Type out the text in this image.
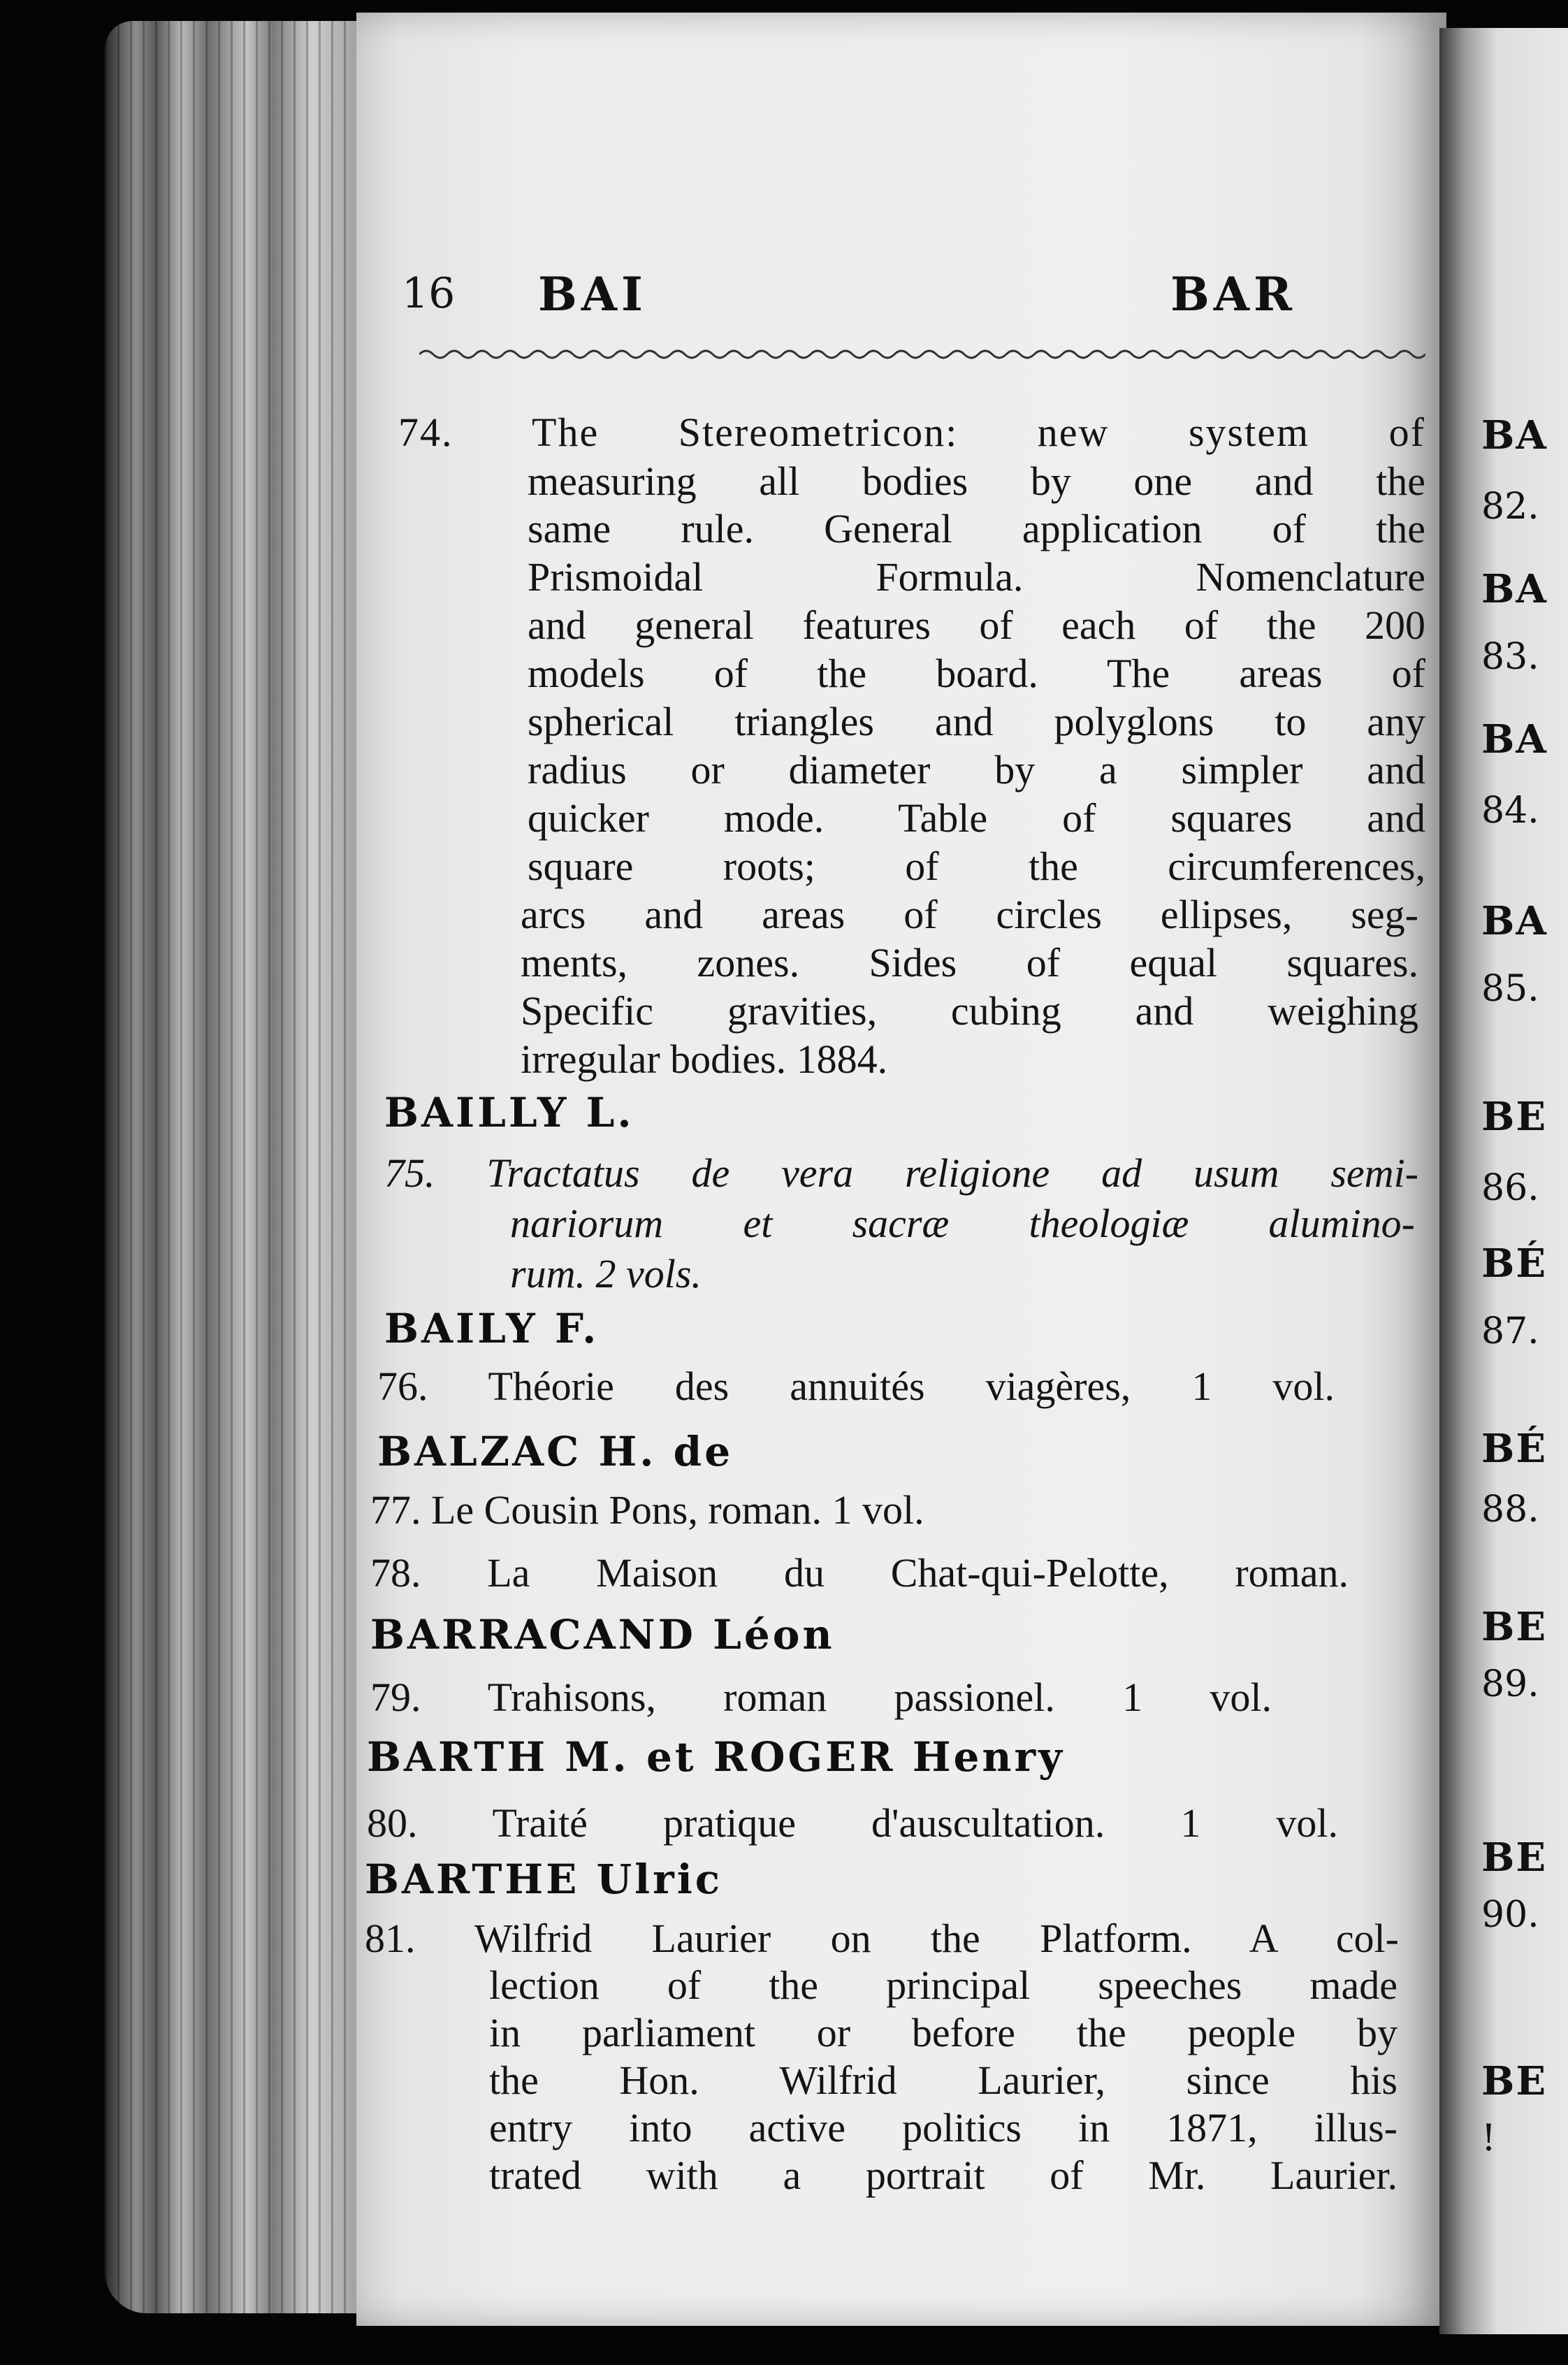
BA
82.
BA
83.
BA
84.
BA
85.
BE
86.
BÉ
87.
BÉ
88.
BE
89.
BE
90.
BE
!
16 BAI	BAR
74. The Stereometricon: new system of
measuring all bodies by one and the
same rule. General application of the
Prismoidal Formula. Nomenclature
and general features of each of the 200
models of the board. The areas of
spherical triangles and polyglons to any
radius or diameter by a simpler and
quicker mode. Table of squares and
square roots; of the circumferences,
arcs and areas of circles ellipses, seg-
ments, zones. Sides of equal squares.
Specific gravities, cubing and weighing
irregular bodies. 1884.
BAILLY L.
75. Tractatus de vera religione ad usum semi-
nariorum et sacræ theologiæ alumino-
rum. 2 vols.
BAILY F.
76. Théorie des annuités viagères, 1 vol.
BALZAC H. de
77. Le Cousin Pons, roman. 1 vol.
78. La Maison du Chat-qui-Pelotte, roman.
BARRACAND Léon
79. Trahisons, roman passionel. 1 vol.
BARTH M. et ROGER Henry
80. Traité pratique d'auscultation. 1 vol.
BARTHE Ulric
81. Wilfrid Laurier on the Platform. A col-
lection of the principal speeches made
in parliament or before the people by
the Hon. Wilfrid Laurier, since his
entry into active politics in 1871, illus-
trated with a portrait of Mr. Laurier.
